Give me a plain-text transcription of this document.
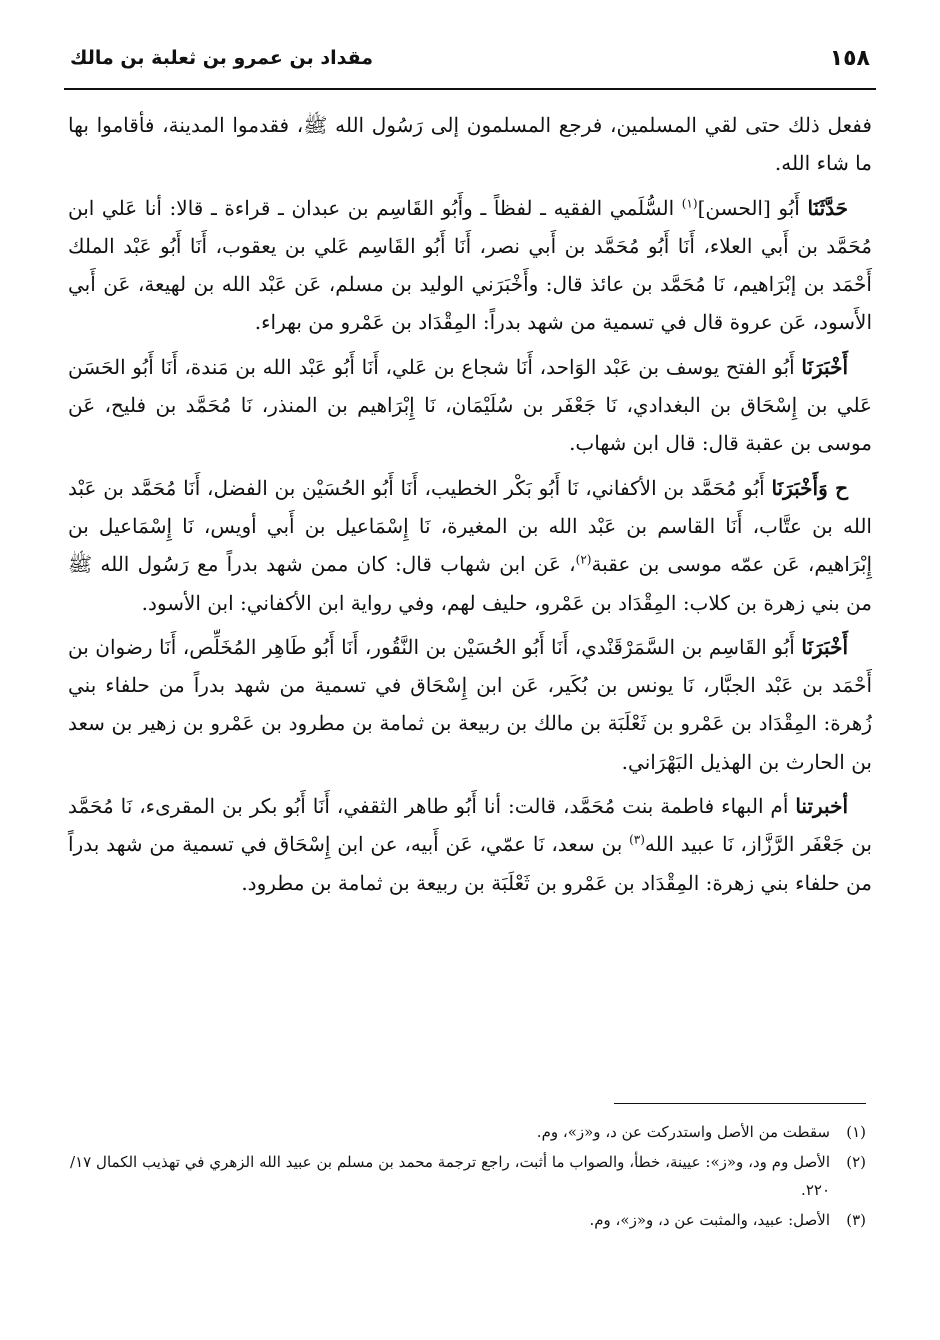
١٥٨
مقداد بن عمرو بن ثعلبة بن مالك

ففعل ذلك حتى لقي المسلمين، فرجع المسلمون إلى رَسُول الله ﷺ، فقدموا المدينة، فأقاموا بها ما شاء الله.

حَدَّثَنَا أَبُو [الحسن]$^{(١)}$ السُّلَمي الفقيه ـ لفظاً ـ وأَبُو القَاسِم بن عبدان ـ قراءة ـ قالا: أنا عَلي ابن مُحَمَّد بن أَبي العلاء، أَنَا أَبُو مُحَمَّد بن أَبي نصر، أَنَا أَبُو القَاسِم عَلي بن يعقوب، أَنَا أَبُو عَبْد الملك أَحْمَد بن إبْرَاهيم، نَا مُحَمَّد بن عائذ قال: وأَخْبَرَني الوليد بن مسلم، عَن عَبْد الله بن لهيعة، عَن أَبي الأَسود، عَن عروة قال في تسمية من شهد بدراً: المِقْدَاد بن عَمْرو من بهراء.

أَخْبَرَنَا أَبُو الفتح يوسف بن عَبْد الوَاحد، أَنَا شجاع بن عَلي، أَنَا أَبُو عَبْد الله بن مَندة، أَنَا أَبُو الحَسَن عَلي بن إِسْحَاق بن البغدادي، نَا جَعْفَر بن سُلَيْمَان، نَا إِبْرَاهيم بن المنذر، نَا مُحَمَّد بن فليح، عَن موسى بن عقبة قال: قال ابن شهاب.

ح وَأَخْبَرَنَا أَبُو مُحَمَّد بن الأكفاني، نَا أَبُو بَكْر الخطيب، أَنَا أَبُو الحُسَيْن بن الفضل، أَنَا مُحَمَّد بن عَبْد الله بن عتَّاب، أَنَا القاسم بن عَبْد الله بن المغيرة، نَا إِسْمَاعيل بن أَبي أويس، نَا إِسْمَاعيل بن إِبْرَاهيم، عَن عمّه موسى بن عقبة$^{(٢)}$، عَن ابن شهاب قال: كان ممن شهد بدراً مع رَسُول الله ﷺ من بني زهرة بن كلاب: المِقْدَاد بن عَمْرو، حليف لهم، وفي رواية ابن الأكفاني: ابن الأسود.

أَخْبَرَنَا أَبُو القَاسِم بن السَّمَرْقَنْدي، أَنَا أَبُو الحُسَيْن بن النَّقُور، أَنَا أَبُو طَاهِر المُخَلِّص، أَنَا رضوان بن أَحْمَد بن عَبْد الجبَّار، نَا يونس بن بُكَير، عَن ابن إِسْحَاق في تسمية من شهد بدراً من حلفاء بني زُهرة: المِقْدَاد بن عَمْرو بن ثَعْلَبَة بن مالك بن ربيعة بن ثمامة بن مطرود بن عَمْرو بن زهير بن سعد بن الحارث بن الهذيل البَهْرَاني.

أخبرتنا أم البهاء فاطمة بنت مُحَمَّد، قالت: أنا أَبُو طاهر الثقفي، أَنَا أَبُو بكر بن المقرىء، نَا مُحَمَّد بن جَعْفَر الرَّزَّاز، نَا عبيد الله$^{(٣)}$ بن سعد، نَا عمّي، عَن أَبيه، عن ابن إِسْحَاق في تسمية من شهد بدراً من حلفاء بني زهرة: المِقْدَاد بن عَمْرو بن ثَعْلَبَة بن ربيعة بن ثمامة بن مطرود.

(١)
سقطت من الأصل واستدركت عن د، و«ز»، وم.
(٢)
الأصل وم ود، و«ز»: عيينة، خطأ، والصواب ما أثبت، راجع ترجمة محمد بن مسلم بن عبيد الله الزهري في تهذيب الكمال ١٧/ ٢٢٠.
(٣)
الأصل: عبيد، والمثبت عن د، و«ز»، وم.
